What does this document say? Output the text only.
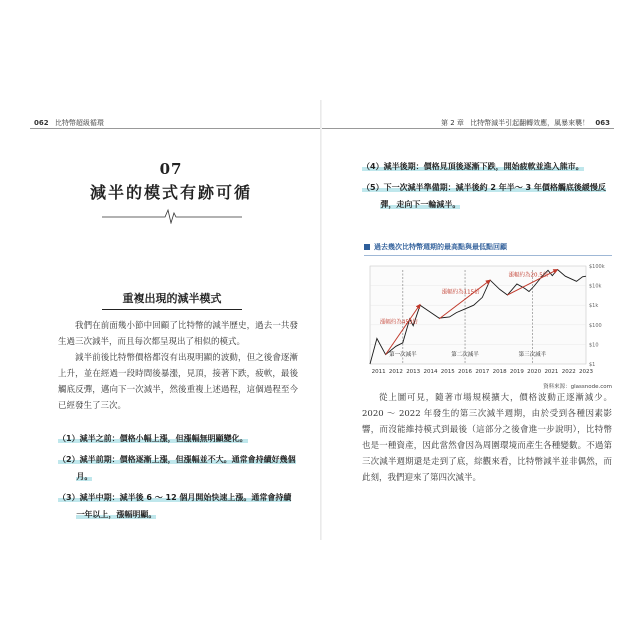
062 比特幣超級循環
07
減半的模式有跡可循
重複出現的減半模式

我們在前面幾小節中回顧了比特幣的減半歷史，過去一共發生過三次減半，而且每次都呈現出了相似的模式。

減半前後比特幣價格都沒有出現明顯的波動，但之後會逐漸上升，並在經過一段時間後暴漲，見頂，接著下跌，疲軟，最後觸底反彈，邁向下一次減半，然後重複上述過程，這個過程至今已經發生了三次。

（1）減半之前：價格小幅上漲，但漲幅無明顯變化。
（2）減半前期：價格逐漸上漲，但漲幅並不大。通常會持續好幾個月。
（3）減半中期：減半後 6 ～ 12 個月開始快速上漲。通常會持續一年以上，漲幅明顯。
第 2 章 比特幣減半引起翻轉效應，風暴來襲！ 063
（4）減半後期：價格見頂後逐漸下跌，開始疲軟並進入熊市。
（5）下一次減半準備期：減半後約 2 年半～ 3 年價格觸底後緩慢反彈，走向下一輪減半。
過去幾次比特幣週期的最高點與最低點回顧
$100k
$10k
$1k
$100
$10
$1
2011 2012 2013 2014 2015 2016 2017 2018 2019 2020 2021 2022 2023
第一次減半	第二次減半	第三次減半
漲幅約為453倍
漲幅約為115倍
漲幅約為20.5倍
資料來源：glassnode.com

從上圖可見，隨著市場規模擴大，價格波動正逐漸減少。2020 ～ 2022 年發生的第三次減半週期，由於受到各種因素影響，而沒能維持模式到最後（這部分之後會進一步說明），比特幣也是一種資產，因此當然會因為周圍環境而產生各種變數。不過第三次減半週期還是走到了底，綜觀來看，比特幣減半並非偶然，而此刻，我們迎來了第四次減半。
